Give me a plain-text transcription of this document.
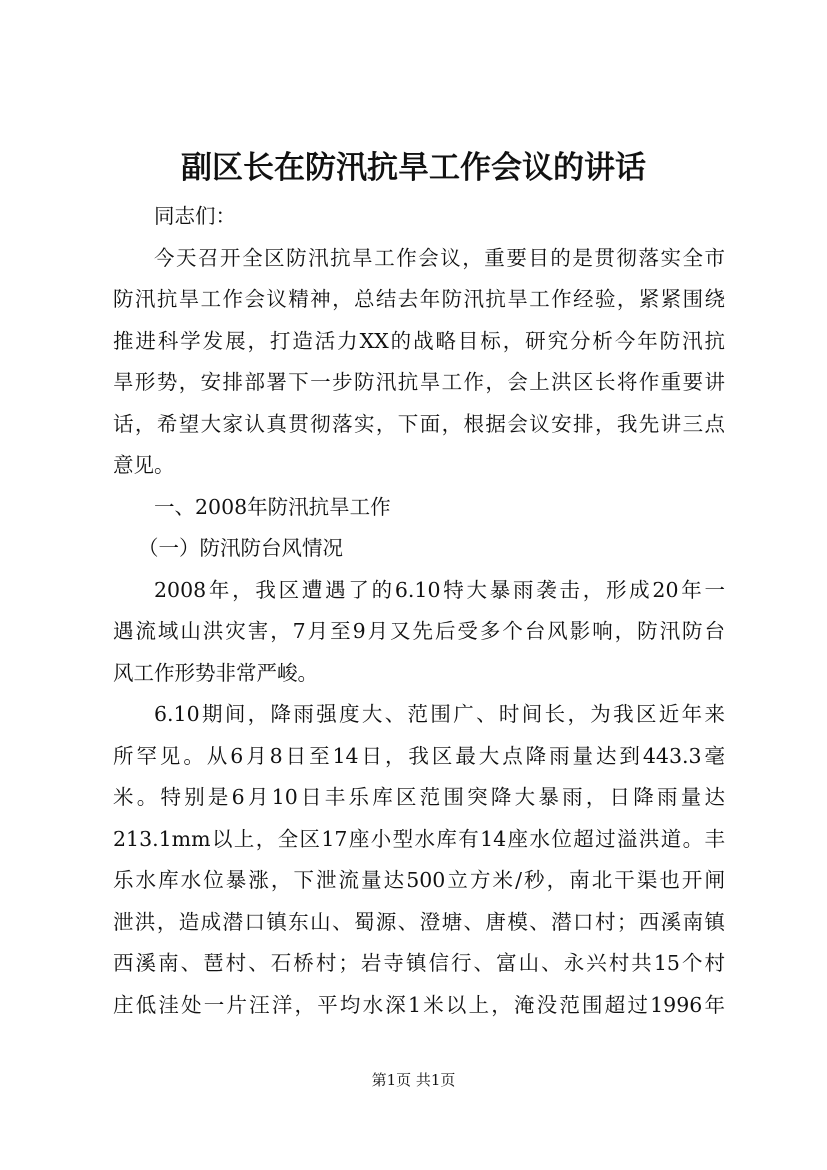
副区长在防汛抗旱工作会议的讲话
同志们：
今天召开全区防汛抗旱工作会议，重要目的是贯彻落实全市
防汛抗旱工作会议精神，总结去年防汛抗旱工作经验，紧紧围绕
推进科学发展，打造活力XX的战略目标，研究分析今年防汛抗
旱形势，安排部署下一步防汛抗旱工作，会上洪区长将作重要讲
话，希望大家认真贯彻落实，下面，根据会议安排，我先讲三点
意见。
一、2008年防汛抗旱工作
（一）防汛防台风情况
2008年，我区遭遇了的6.10特大暴雨袭击，形成20年一
遇流域山洪灾害，7月至9月又先后受多个台风影响，防汛防台
风工作形势非常严峻。
6.10期间，降雨强度大、范围广、时间长，为我区近年来
所罕见。从6月8日至14日，我区最大点降雨量达到443.3毫
米。特别是6月10日丰乐库区范围突降大暴雨，日降雨量达
213.1mm以上，全区17座小型水库有14座水位超过溢洪道。丰
乐水库水位暴涨，下泄流量达500立方米/秒，南北干渠也开闸
泄洪，造成潜口镇东山、蜀源、澄塘、唐模、潜口村；西溪南镇
西溪南、琶村、石桥村；岩寺镇信行、富山、永兴村共15个村
庄低洼处一片汪洋，平均水深1米以上，淹没范围超过1996年
第1页 共1页
